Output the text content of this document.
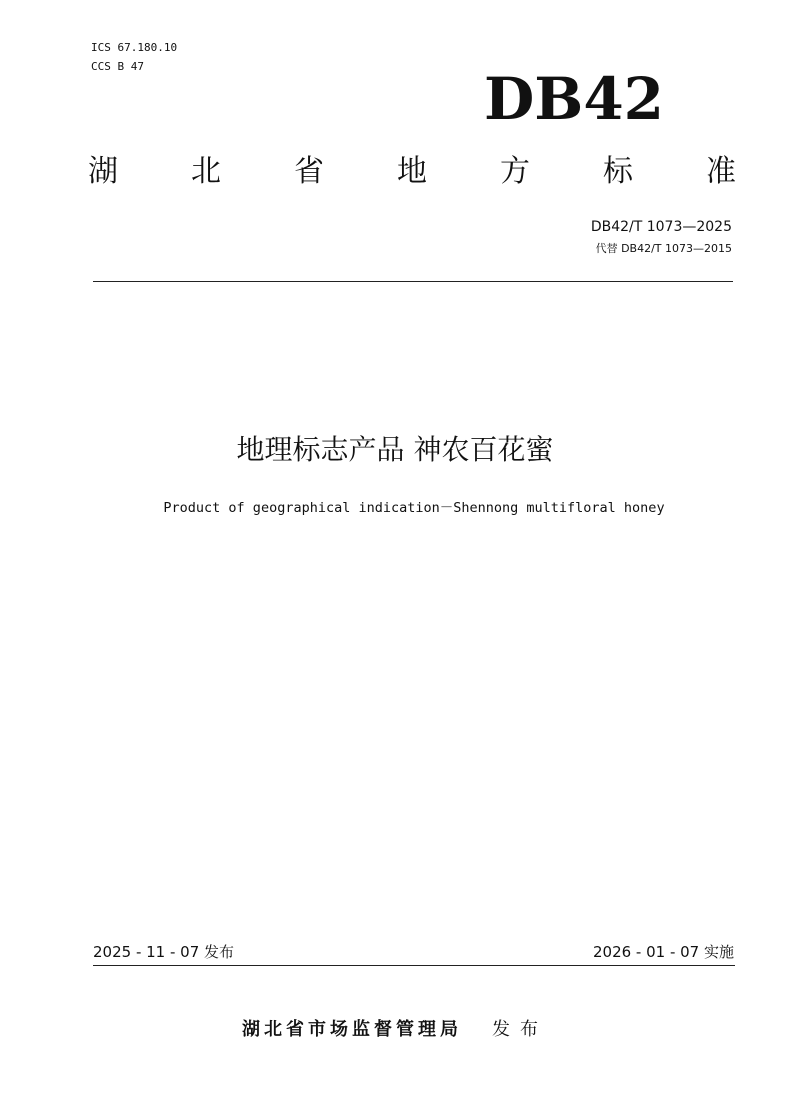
ICS 67.180.10
CCS B 47	DB42
湖 北 省 地 方 标 准
DB42/T 1073—2025
代替 DB42/T 1073—2015
地理标志产品 神农百花蜜
Product of geographical indication－Shennong multifloral honey
2025 - 11 - 07 发布	2026 - 01 - 07 实施
湖北省市场监督管理局 发布
